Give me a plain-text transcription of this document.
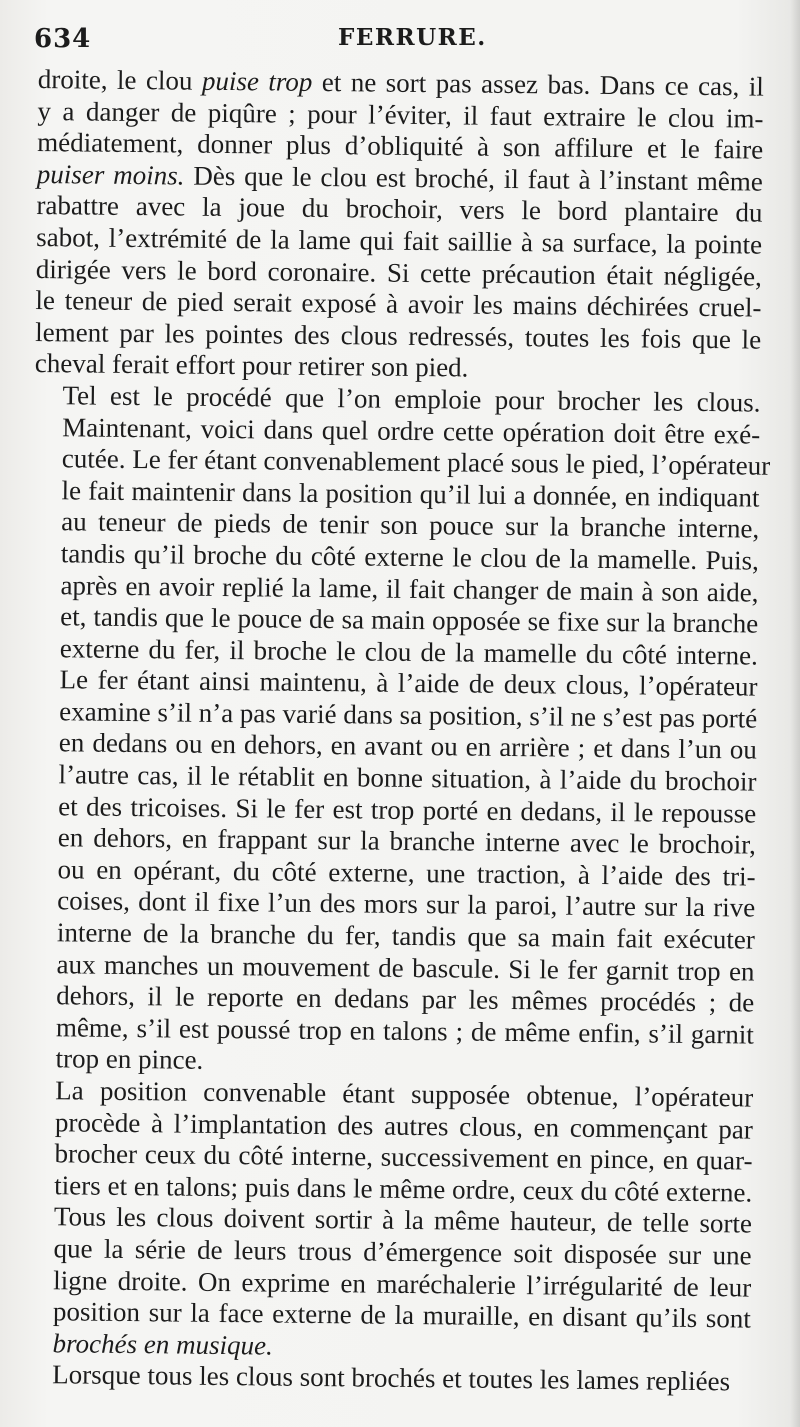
634	FERRURE.

droite, le clou puise trop et ne sort pas assez bas. Dans ce cas, il
y a danger de piqûre ; pour l’éviter, il faut extraire le clou im-
médiatement, donner plus d’obliquité à son affilure et le faire
puiser moins. Dès que le clou est broché, il faut à l’instant même
rabattre avec la joue du brochoir, vers le bord plantaire du
sabot, l’extrémité de la lame qui fait saillie à sa surface, la pointe
dirigée vers le bord coronaire. Si cette précaution était négligée,
le teneur de pied serait exposé à avoir les mains déchirées cruel-
lement par les pointes des clous redressés, toutes les fois que le
cheval ferait effort pour retirer son pied.

Tel est le procédé que l’on emploie pour brocher les clous.
Maintenant, voici dans quel ordre cette opération doit être exé-
cutée. Le fer étant convenablement placé sous le pied, l’opérateur
le fait maintenir dans la position qu’il lui a donnée, en indiquant
au teneur de pieds de tenir son pouce sur la branche interne,
tandis qu’il broche du côté externe le clou de la mamelle. Puis,
après en avoir replié la lame, il fait changer de main à son aide,
et, tandis que le pouce de sa main opposée se fixe sur la branche
externe du fer, il broche le clou de la mamelle du côté interne.
Le fer étant ainsi maintenu, à l’aide de deux clous, l’opérateur
examine s’il n’a pas varié dans sa position, s’il ne s’est pas porté
en dedans ou en dehors, en avant ou en arrière ; et dans l’un ou
l’autre cas, il le rétablit en bonne situation, à l’aide du brochoir
et des tricoises. Si le fer est trop porté en dedans, il le repousse
en dehors, en frappant sur la branche interne avec le brochoir,
ou en opérant, du côté externe, une traction, à l’aide des tri-
coises, dont il fixe l’un des mors sur la paroi, l’autre sur la rive
interne de la branche du fer, tandis que sa main fait exécuter
aux manches un mouvement de bascule. Si le fer garnit trop en
dehors, il le reporte en dedans par les mêmes procédés ; de
même, s’il est poussé trop en talons ; de même enfin, s’il garnit
trop en pince.

La position convenable étant supposée obtenue, l’opérateur
procède à l’implantation des autres clous, en commençant par
brocher ceux du côté interne, successivement en pince, en quar-
tiers et en talons; puis dans le même ordre, ceux du côté externe.
Tous les clous doivent sortir à la même hauteur, de telle sorte
que la série de leurs trous d’émergence soit disposée sur une
ligne droite. On exprime en maréchalerie l’irrégularité de leur
position sur la face externe de la muraille, en disant qu’ils sont
brochés en musique.

Lorsque tous les clous sont brochés et toutes les lames repliées
